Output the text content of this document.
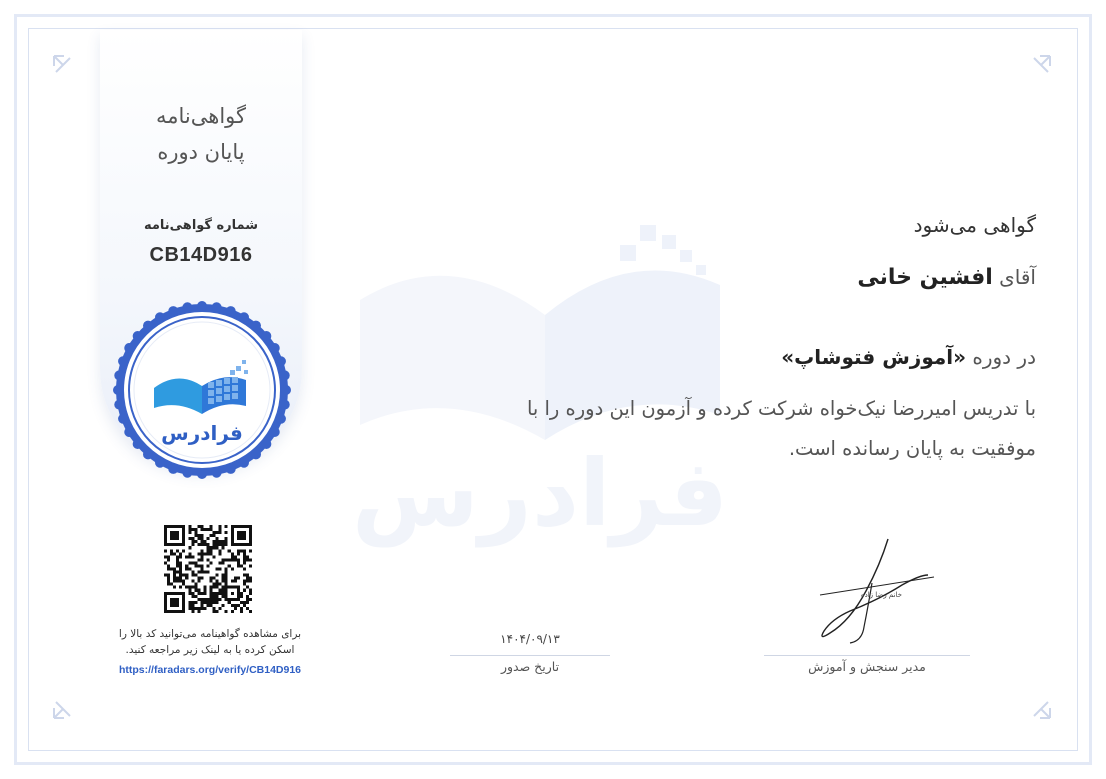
فرادرس
گواهی‌نامه
پایان دوره
شماره گواهی‌نامه
CB14D916
فرادرس
برای مشاهده گواهینامه می‌توانید کد بالا را
اسکن کرده یا به لینک زیر مراجعه کنید.
https://faradars.org/verify/CB14D916
گواهی می‌شود
آقای افشین خانی
در دوره «آموزش فتوشاپ»
با تدریس امیررضا نیک‌خواه شرکت کرده و آزمون این دوره را با
موفقیت به پایان رسانده است.
۱۴۰۴/۰۹/۱۳
تاریخ صدور
خانم رضا زاده
مدیر سنجش و آموزش
